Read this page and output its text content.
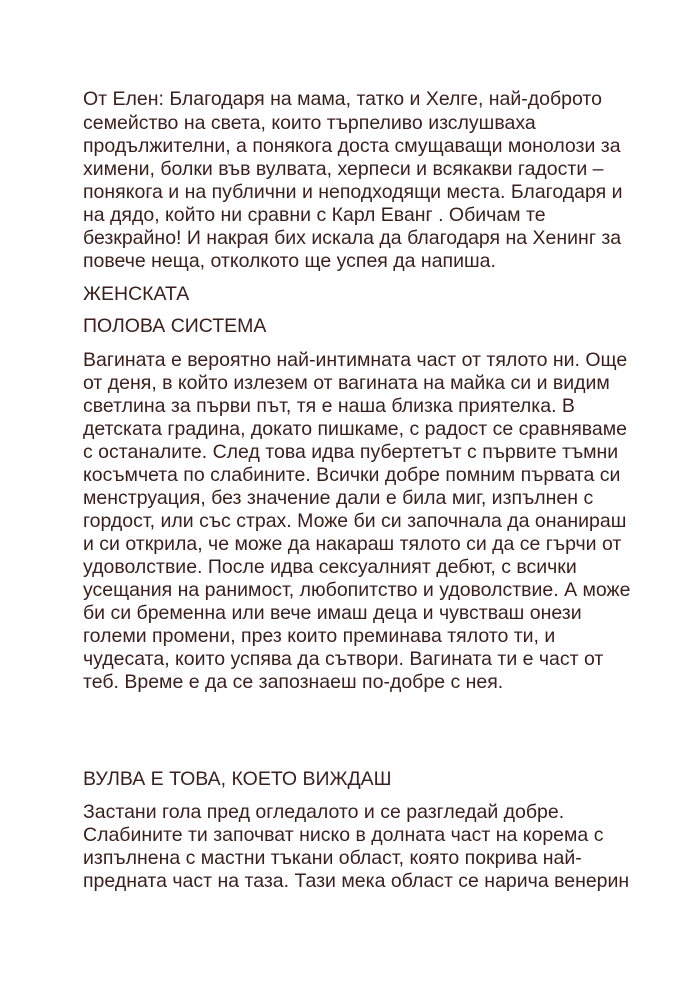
От Елен: Благодаря на мама, татко и Хелге, най-доброто
семейство на света, които търпеливо изслушваха
продължителни, а понякога доста смущаващи монолози за
химени, болки във вулвата, херпеси и всякакви гадости –
понякога и на публични и неподходящи места. Благодаря и
на дядо, който ни сравни с Карл Еванг . Обичам те
безкрайно! И накрая бих искала да благодаря на Хенинг за
повече неща, отколкото ще успея да напиша.
ЖЕНСКАТА
ПОЛОВА СИСТЕМА
Вагината е вероятно най-интимната част от тялото ни. Още
от деня, в който излезем от вагината на майка си и видим
светлина за първи път, тя е наша близка приятелка. В
детската градина, докато пишкаме, с радост се сравняваме
с останалите. След това идва пубертетът с първите тъмни
косъмчета по слабините. Всички добре помним първата си
менструация, без значение дали е била миг, изпълнен с
гордост, или със страх. Може би си започнала да онанираш
и си открила, че може да накараш тялото си да се гърчи от
удоволствие. После идва сексуалният дебют, с всички
усещания на ранимост, любопитство и удоволствие. А може
би си бременна или вече имаш деца и чувстваш онези
големи промени, през които преминава тялото ти, и
чудесата, които успява да сътвори. Вагината ти е част от
теб. Време е да се запознаеш по-добре с нея.
ВУЛВА Е ТОВА, КОЕТО ВИЖДАШ
Застани гола пред огледалото и се разгледай добре.
Слабините ти започват ниско в долната част на корема с
изпълнена с мастни тъкани област, която покрива най-
предната част на таза. Тази мека област се нарича венерин
